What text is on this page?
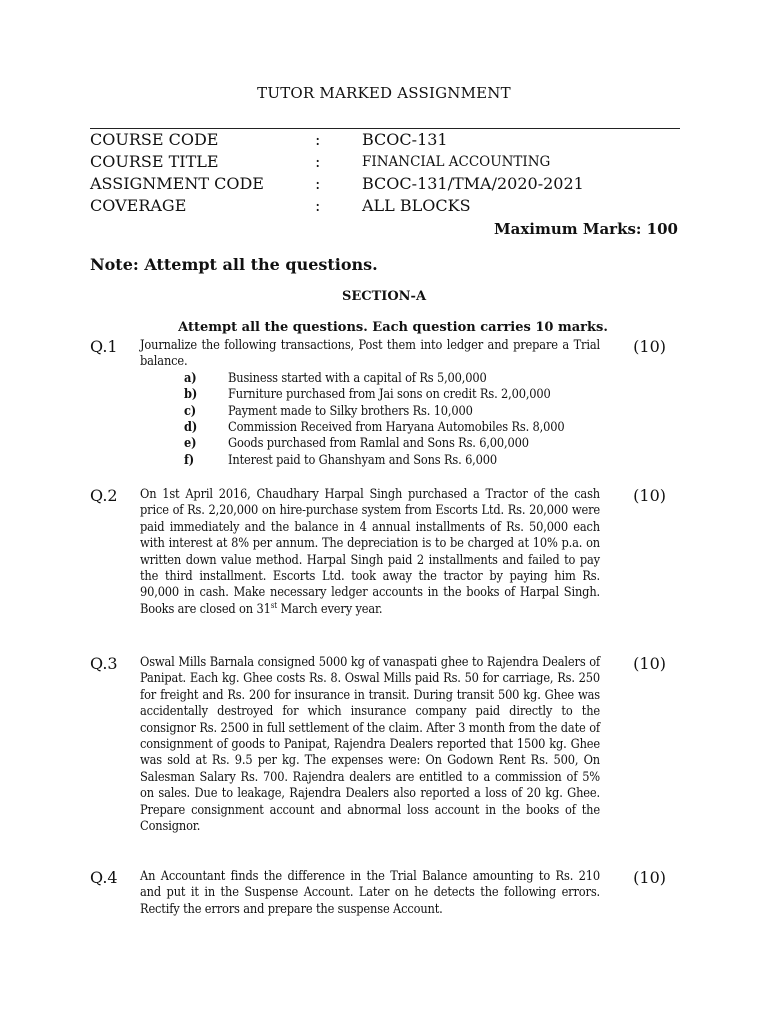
TUTOR MARKED ASSIGNMENT
COURSE CODE	:	BCOC-131
COURSE TITLE	:	FINANCIAL ACCOUNTING
ASSIGNMENT CODE	:	BCOC-131/TMA/2020-2021
COVERAGE	:	ALL BLOCKS
Maximum Marks: 100
Note: Attempt all the questions.
SECTION-A
Attempt all the questions. Each question carries 10 marks.
Q.1 Journalize the following transactions, Post them into ledger and prepare a Trial balance.

a)	Business started with a capital of Rs 5,00,000
b)	Furniture purchased from Jai sons on credit Rs. 2,00,000
c)	Payment made to Silky brothers Rs. 10,000
d)	Commission Received from Haryana Automobiles Rs. 8,000
e)	Goods purchased from Ramlal and Sons Rs. 6,00,000
f)	Interest paid to Ghanshyam and Sons Rs. 6,000
(10)
Q.2 On 1st April 2016, Chaudhary Harpal Singh purchased a Tractor of the cash price of Rs. 2,20,000 on hire-purchase system from Escorts Ltd. Rs. 20,000 were paid immediately and the balance in 4 annual installments of Rs. 50,000 each with interest at 8% per annum. The depreciation is to be charged at 10% p.a. on written down value method. Harpal Singh paid 2 installments and failed to pay the third installment. Escorts Ltd. took away the tractor by paying him Rs. 90,000 in cash. Make necessary ledger accounts in the books of Harpal Singh. Books are closed on 31st March every year.

(10)
Q.3 Oswal Mills Barnala consigned 5000 kg of vanaspati ghee to Rajendra Dealers of Panipat. Each kg. Ghee costs Rs. 8. Oswal Mills paid Rs. 50 for carriage, Rs. 250 for freight and Rs. 200 for insurance in transit. During transit 500 kg. Ghee was accidentally destroyed for which insurance company paid directly to the consignor Rs. 2500 in full settlement of the claim. After 3 month from the date of consignment of goods to Panipat, Rajendra Dealers reported that 1500 kg. Ghee was sold at Rs. 9.5 per kg. The expenses were: On Godown Rent Rs. 500, On Salesman Salary Rs. 700. Rajendra dealers are entitled to a commission of 5% on sales. Due to leakage, Rajendra Dealers also reported a loss of 20 kg. Ghee. Prepare consignment account and abnormal loss account in the books of the Consignor.

(10)
Q.4 An Accountant finds the difference in the Trial Balance amounting to Rs. 210 and put it in the Suspense Account. Later on he detects the following errors. Rectify the errors and prepare the suspense Account.

(10)
